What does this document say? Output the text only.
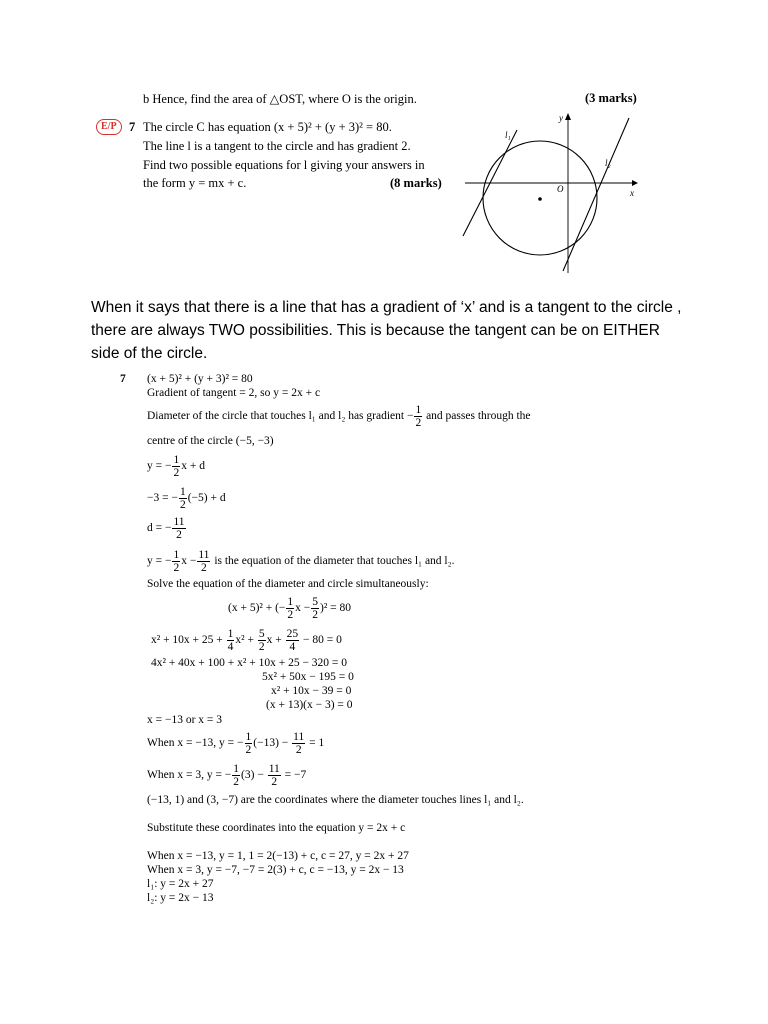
b Hence, find the area of △OST, where O is the origin.	(3 marks)
E/P 7 The circle C has equation (x + 5)² + (y + 3)² = 80.
The line l is a tangent to the circle and has gradient 2.
Find two possible equations for l giving your answers in
the form y = mx + c.	(8 marks)
l₁
l₂
y
x
O
When it says that there is a line that has a gradient of ‘x’ and is a tangent to the circle , there are always TWO possibilities. This is because the tangent can be on EITHER side of the circle.
7 (x + 5)² + (y + 3)² = 80
Gradient of tangent = 2, so y = 2x + c
Diameter of the circle that touches l₁ and l₂ has gradient − $\frac{1}{2}$ and passes through the
centre of the circle (−5, −3)
y = − $\frac{1}{2}$ x + d
−3 = − $\frac{1}{2} (-5) + d$
d = − $\frac{11}{2}$
y = − $\frac{1}{2}$ $x - \frac{11}{2}$ is the equation of the diameter that touches l₁ and l₂.
Solve the equation of the diameter and circle simultaneously:
(x + 5)² + (− $\frac{1}{2}$ $x - \frac{5}{2} )^2 = 80$
$x^2 + 10x + 25 + \frac{1}{4} x^2 + \frac{5}{2}$ $x + \frac{25}{4} - 80 = 0$
4x² + 40x + 100 + x² + 10x + 25 − 320 = 0
5x² + 50x − 195 = 0
x² + 10x − 39 = 0
(x + 13)(x − 3) = 0
x = −13 or x = 3
When x = −13, y = − $\frac{1}{2} (-13) - \frac{11}{2} = 1$
When x = 3, y = − $\frac{1}{2} (3) - \frac{11}{2} = -7$
(−13, 1) and (3, −7) are the coordinates where the diameter touches lines l₁ and l₂.
Substitute these coordinates into the equation y = 2x + c
When x = −13, y = 1, 1 = 2(−13) + c, c = 27, y = 2x + 27
When x = 3, y = −7, −7 = 2(3) + c, c = −13, y = 2x − 13
l₁: y = 2x + 27
l₂: y = 2x − 13
